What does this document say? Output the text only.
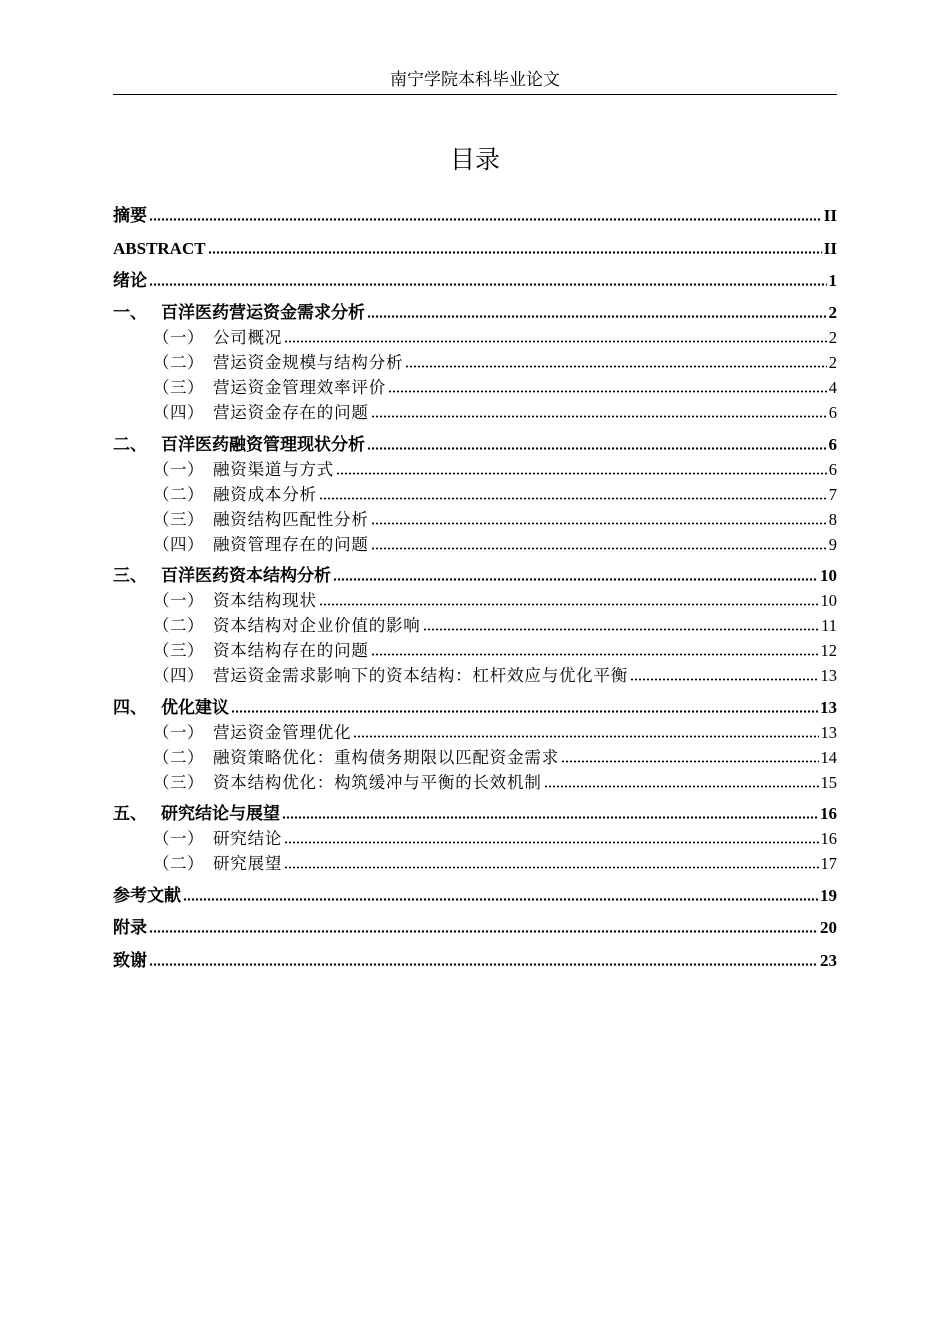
南宁学院本科毕业论文
目录
摘要	II
ABSTRACT	II
绪论	1
一、 百洋医药营运资金需求分析	2
（一） 公司概况	2
（二） 营运资金规模与结构分析	2
（三） 营运资金管理效率评价	4
（四） 营运资金存在的问题	6
二、 百洋医药融资管理现状分析	6
（一） 融资渠道与方式	6
（二） 融资成本分析	7
（三） 融资结构匹配性分析	8
（四） 融资管理存在的问题	9
三、 百洋医药资本结构分析	10
（一） 资本结构现状	10
（二） 资本结构对企业价值的影响	11
（三） 资本结构存在的问题	12
（四） 营运资金需求影响下的资本结构：杠杆效应与优化平衡	13
四、 优化建议	13
（一） 营运资金管理优化	13
（二） 融资策略优化：重构债务期限以匹配资金需求	14
（三） 资本结构优化：构筑缓冲与平衡的长效机制	15
五、 研究结论与展望	16
（一） 研究结论	16
（二） 研究展望	17
参考文献	19
附录	20
致谢	23
